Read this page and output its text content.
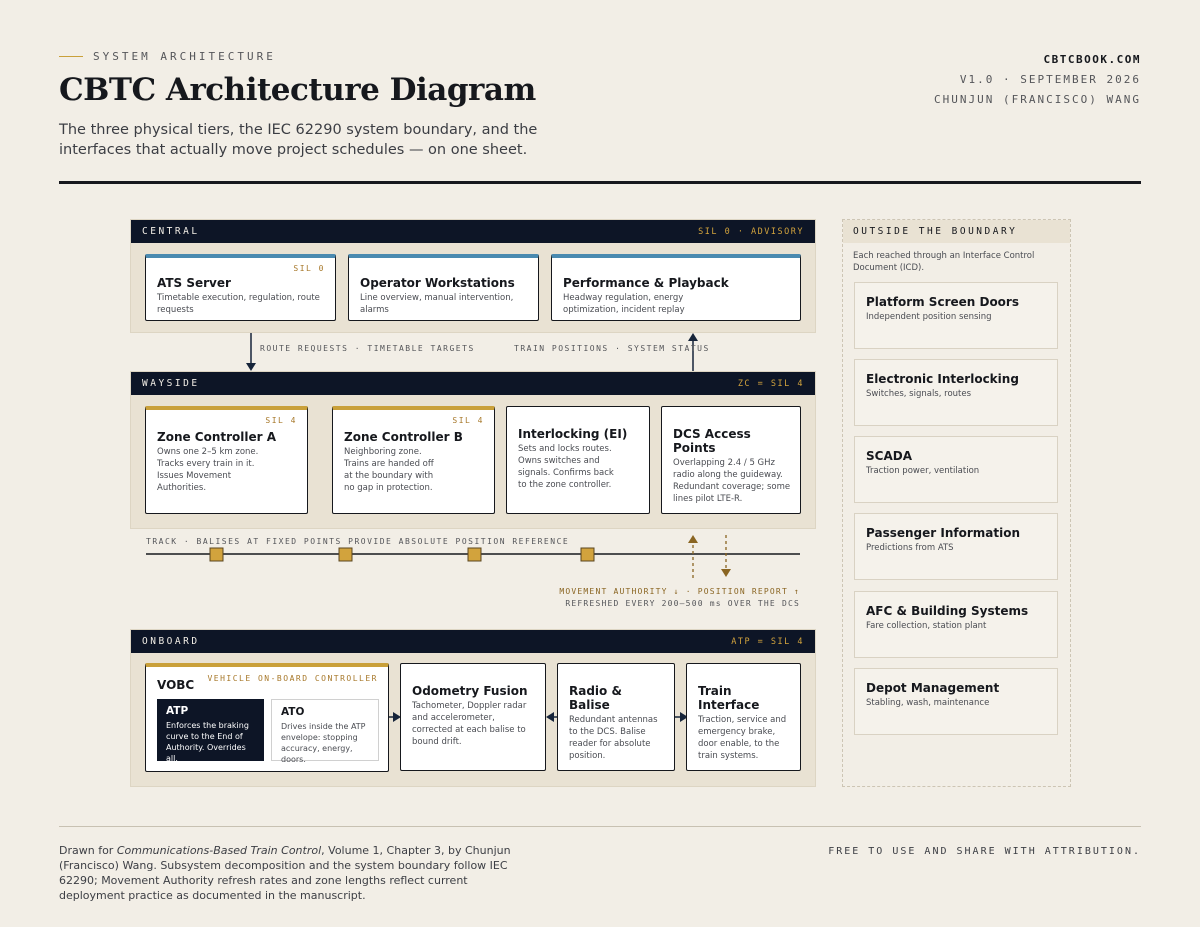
SYSTEM ARCHITECTURE
CBTC Architecture Diagram
The three physical tiers, the IEC 62290 system boundary, and the interfaces that actually move project schedules — on one sheet.
CBTCBOOK.COM
V1.0 · SEPTEMBER 2026
CHUNJUN (FRANCISCO) WANG
CENTRAL	SIL 0 · ADVISORY
SIL 0
ATS Server
Timetable execution, regulation, route requests
Operator Workstations
Line overview, manual intervention, alarms
Performance & Playback
Headway regulation, energy optimization, incident replay
ROUTE REQUESTS · TIMETABLE TARGETS	TRAIN POSITIONS · SYSTEM STATUS
WAYSIDE	ZC = SIL 4
SIL 4
Zone Controller A
Owns one 2–5 km zone. Tracks every train in it. Issues Movement Authorities.
SIL 4
Zone Controller B
Neighboring zone. Trains are handed off at the boundary with no gap in protection.
Interlocking (EI)
Sets and locks routes. Owns switches and signals. Confirms back to the zone controller.
DCS Access Points
Overlapping 2.4 / 5 GHz radio along the guideway. Redundant coverage; some lines pilot LTE-R.
TRACK · BALISES AT FIXED POINTS PROVIDE ABSOLUTE POSITION REFERENCE
MOVEMENT AUTHORITY ↓ · POSITION REPORT ↑
REFRESHED EVERY 200–500 ms OVER THE DCS
ONBOARD	ATP = SIL 4
VEHICLE ON-BOARD CONTROLLER
VOBC
ATP
Enforces the braking curve to the End of Authority. Overrides all.
ATO
Drives inside the ATP envelope: stopping accuracy, energy, doors.
Odometry Fusion
Tachometer, Doppler radar and accelerometer, corrected at each balise to bound drift.
Radio & Balise
Redundant antennas to the DCS. Balise reader for absolute position.
Train Interface
Traction, service and emergency brake, door enable, to the train systems.
OUTSIDE THE BOUNDARY
Each reached through an Interface Control Document (ICD).
Platform Screen Doors
Independent position sensing
Electronic Interlocking
Switches, signals, routes
SCADA
Traction power, ventilation
Passenger Information
Predictions from ATS
AFC & Building Systems
Fare collection, station plant
Depot Management
Stabling, wash, maintenance
Drawn for Communications-Based Train Control, Volume 1, Chapter 3, by Chunjun (Francisco) Wang. Subsystem decomposition and the system boundary follow IEC 62290; Movement Authority refresh rates and zone lengths reflect current deployment practice as documented in the manuscript.
FREE TO USE AND SHARE WITH ATTRIBUTION.
